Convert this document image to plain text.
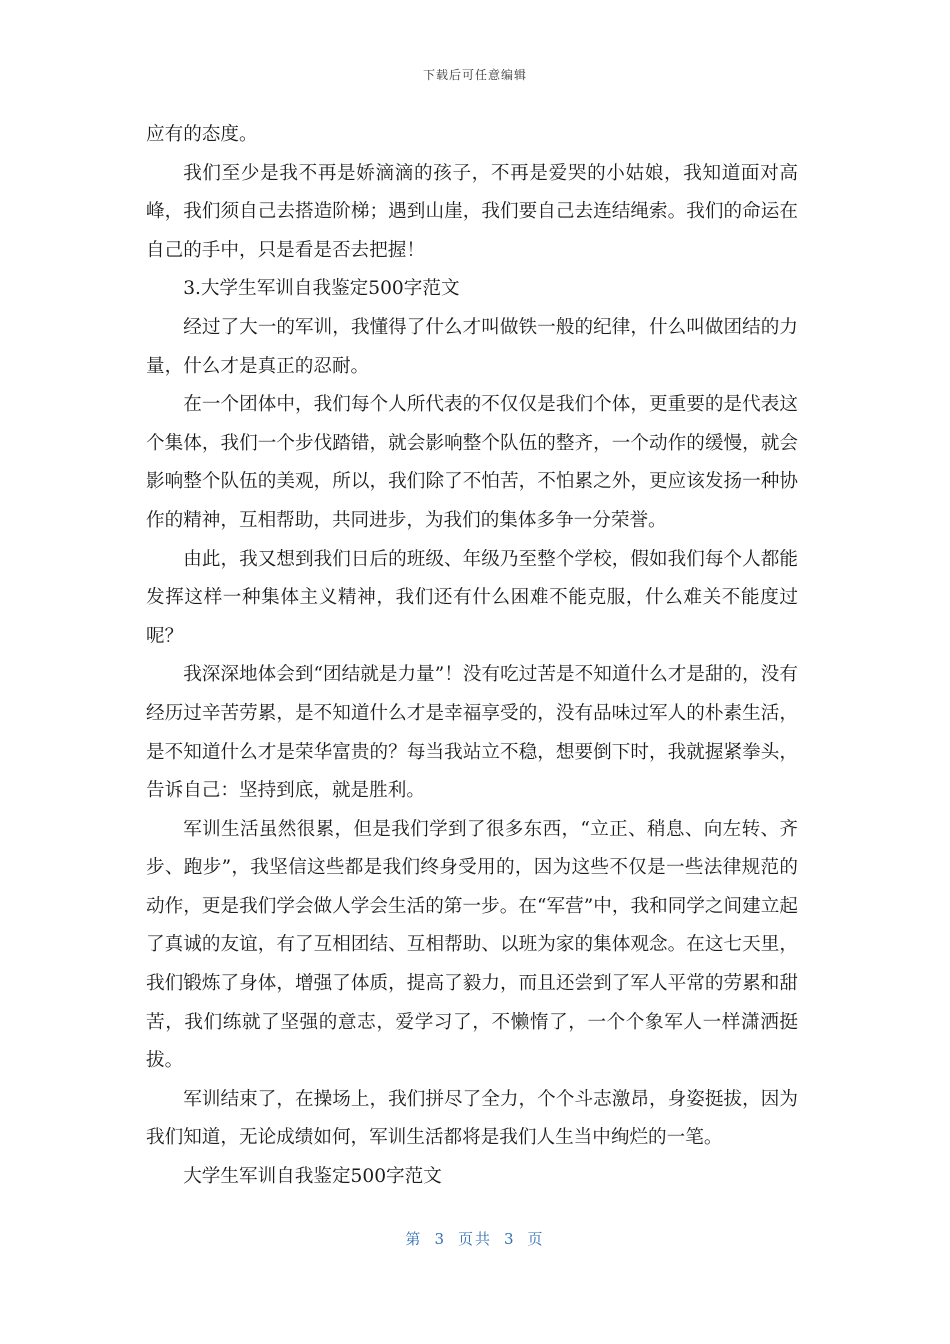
下载后可任意编辑

应有的态度。

我们至少是我不再是娇滴滴的孩子，不再是爱哭的小姑娘，我知道面对高峰，我们须自己去搭造阶梯；遇到山崖，我们要自己去连结绳索。我们的命运在自己的手中，只是看是否去把握！

3.大学生军训自我鉴定500字范文

经过了大一的军训，我懂得了什么才叫做铁一般的纪律，什么叫做团结的力量，什么才是真正的忍耐。

在一个团体中，我们每个人所代表的不仅仅是我们个体，更重要的是代表这个集体，我们一个步伐踏错，就会影响整个队伍的整齐，一个动作的缓慢，就会影响整个队伍的美观，所以，我们除了不怕苦，不怕累之外，更应该发扬一种协作的精神，互相帮助，共同进步，为我们的集体多争一分荣誉。

由此，我又想到我们日后的班级、年级乃至整个学校，假如我们每个人都能发挥这样一种集体主义精神，我们还有什么困难不能克服，什么难关不能度过呢？

我深深地体会到“团结就是力量”！没有吃过苦是不知道什么才是甜的，没有经历过辛苦劳累，是不知道什么才是幸福享受的，没有品味过军人的朴素生活，是不知道什么才是荣华富贵的？每当我站立不稳，想要倒下时，我就握紧拳头，告诉自己：坚持到底，就是胜利。

军训生活虽然很累，但是我们学到了很多东西，“立正、稍息、向左转、齐步、跑步”，我坚信这些都是我们终身受用的，因为这些不仅是一些法律规范的动作，更是我们学会做人学会生活的第一步。在“军营”中，我和同学之间建立起了真诚的友谊，有了互相团结、互相帮助、以班为家的集体观念。在这七天里，我们锻炼了身体，增强了体质，提高了毅力，而且还尝到了军人平常的劳累和甜苦，我们练就了坚强的意志，爱学习了，不懒惰了，一个个象军人一样潇洒挺拔。

军训结束了，在操场上，我们拼尽了全力，个个斗志激昂，身姿挺拔，因为我们知道，无论成绩如何，军训生活都将是我们人生当中绚烂的一笔。

大学生军训自我鉴定500字范文

第 3 页共 3 页
